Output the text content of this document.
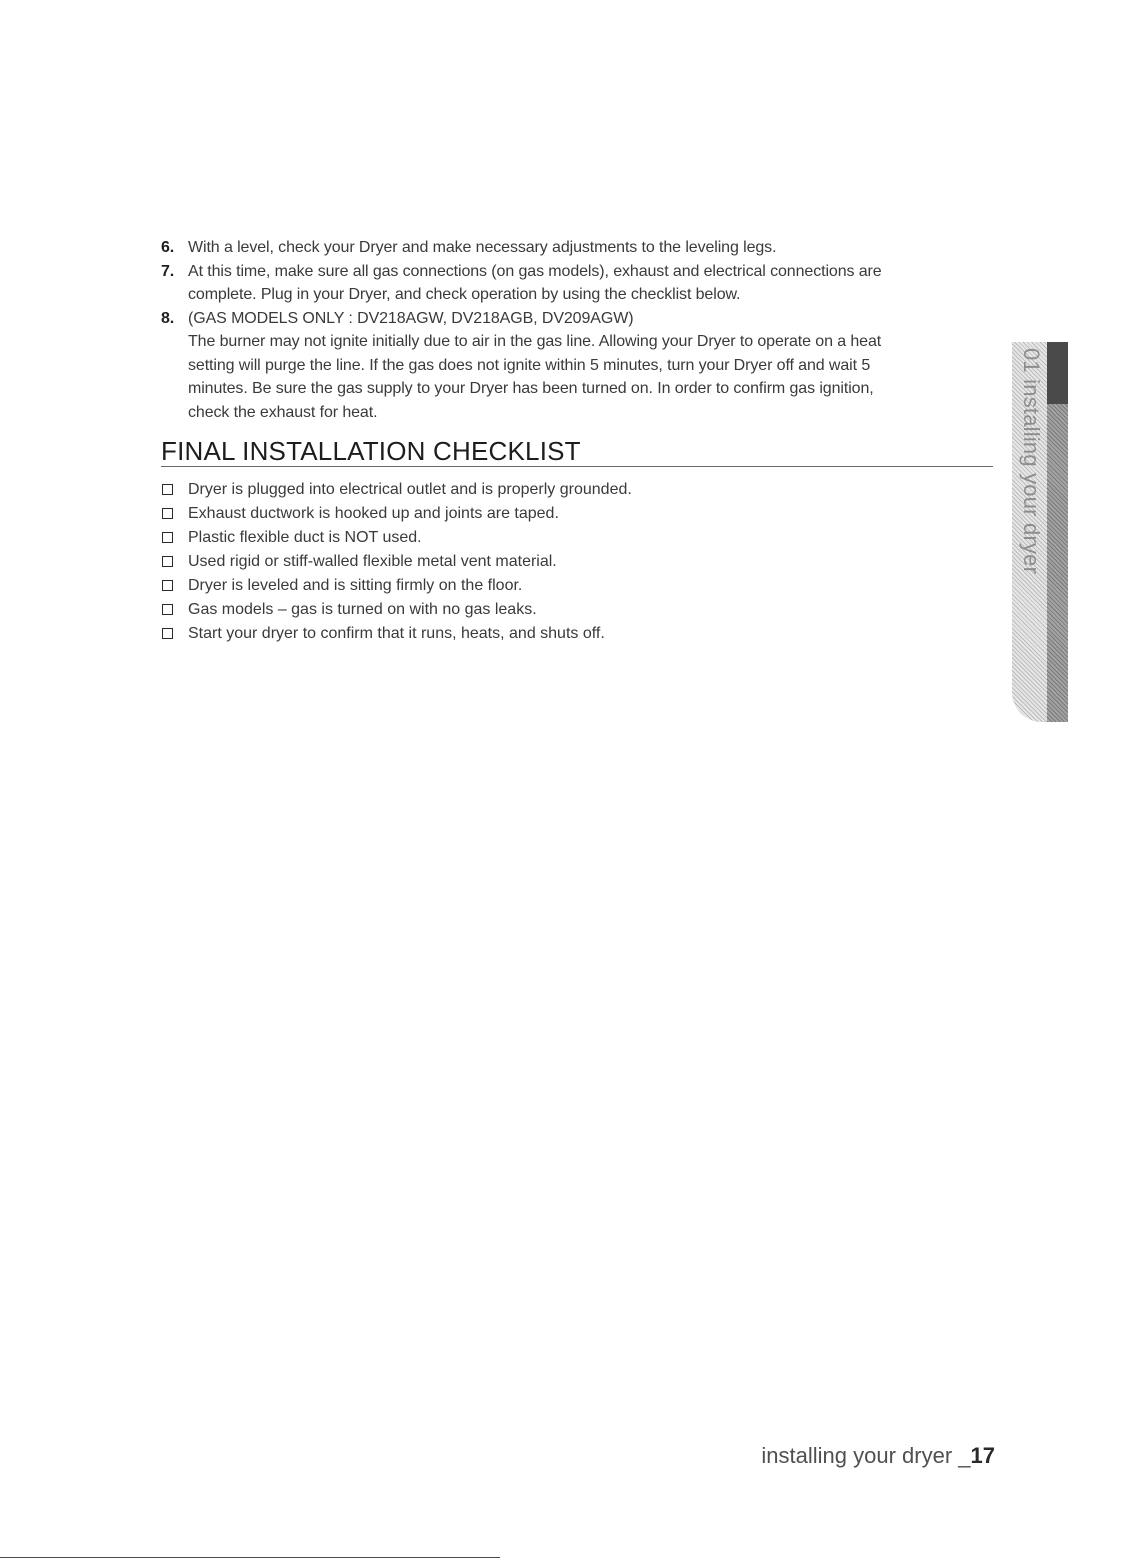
6. With a level, check your Dryer and make necessary adjustments to the leveling legs.
7. At this time, make sure all gas connections (on gas models), exhaust and electrical connections are
complete. Plug in your Dryer, and check operation by using the checklist below.
8. (GAS MODELS ONLY : DV218AGW, DV218AGB, DV209AGW)
The burner may not ignite initially due to air in the gas line. Allowing your Dryer to operate on a heat
setting will purge the line. If the gas does not ignite within 5 minutes, turn your Dryer off and wait 5
minutes. Be sure the gas supply to your Dryer has been turned on. In order to confirm gas ignition,
check the exhaust for heat.
FINAL INSTALLATION CHECKLIST
Dryer is plugged into electrical outlet and is properly grounded.
Exhaust ductwork is hooked up and joints are taped.
Plastic flexible duct is NOT used.
Used rigid or stiff-walled flexible metal vent material.
Dryer is leveled and is sitting firmly on the floor.
Gas models – gas is turned on with no gas leaks.
Start your dryer to confirm that it runs, heats, and shuts off.
01 installing your dryer
installing your dryer _17
